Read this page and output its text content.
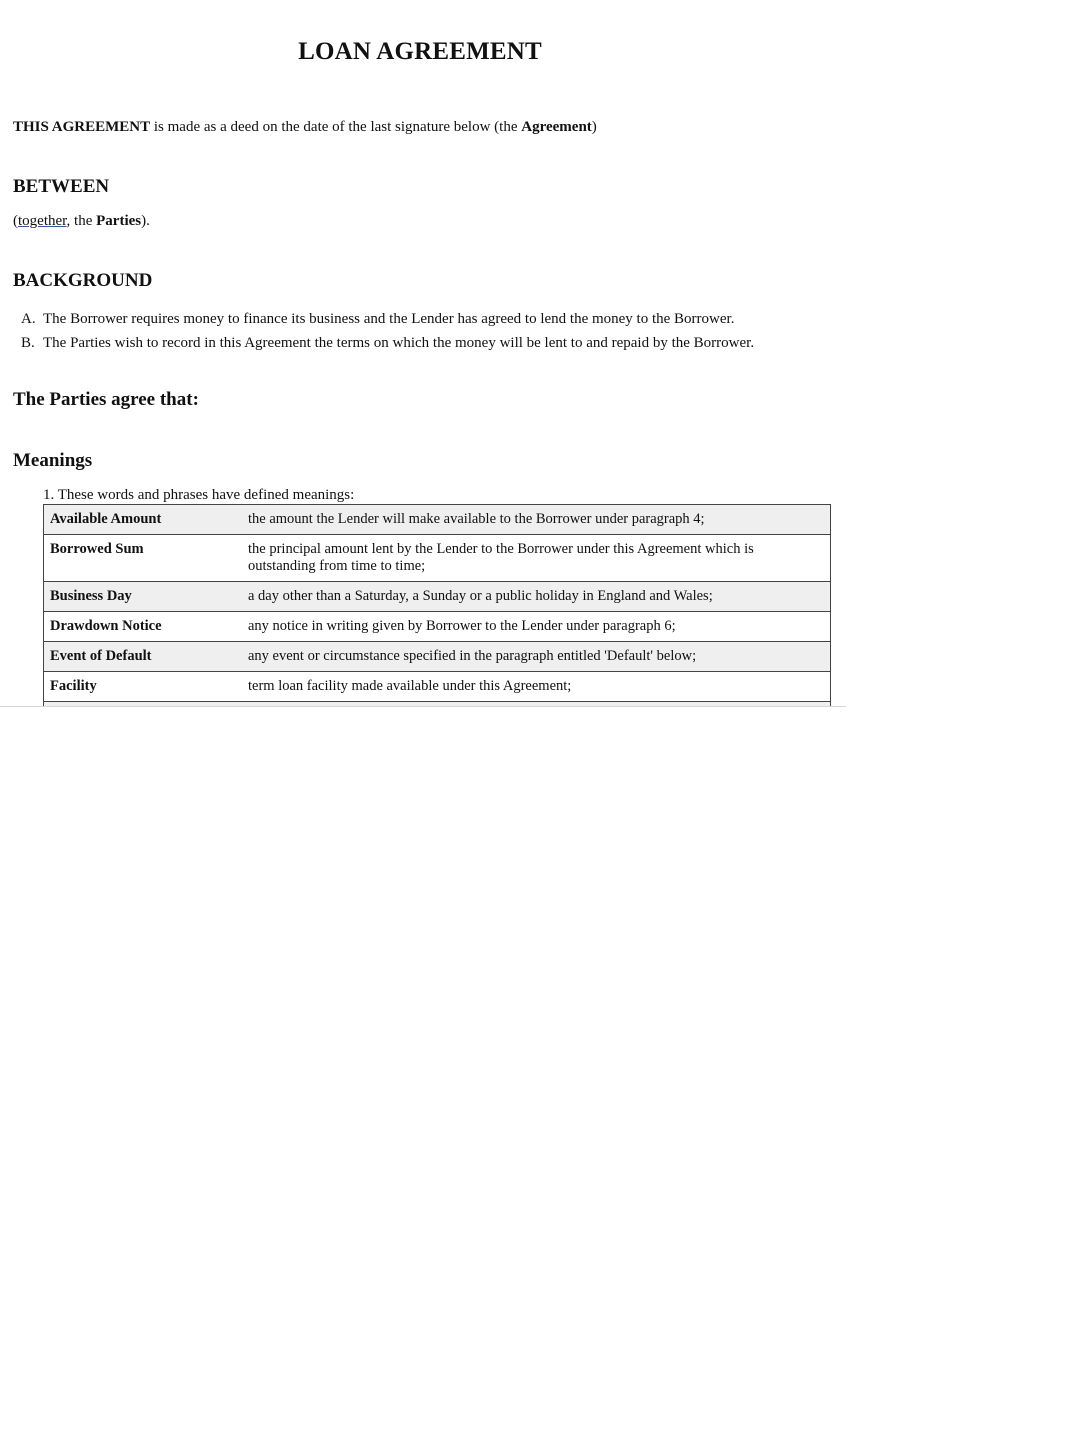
LOAN AGREEMENT
THIS AGREEMENT is made as a deed on the date of the last signature below (the Agreement)
BETWEEN
(together, the Parties).
BACKGROUND
A. The Borrower requires money to finance its business and the Lender has agreed to lend the money to the Borrower.
B. The Parties wish to record in this Agreement the terms on which the money will be lent to and repaid by the Borrower.
The Parties agree that:
Meanings
1. These words and phrases have defined meanings:
Available Amount	the amount the Lender will make available to the Borrower under paragraph 4;
Borrowed Sum	the principal amount lent by the Lender to the Borrower under this Agreement which is outstanding from time to time;
Business Day	a day other than a Saturday, a Sunday or a public holiday in England and Wales;
Drawdown Notice	any notice in writing given by Borrower to the Lender under paragraph 6;
Event of Default	any event or circumstance specified in the paragraph entitled 'Default' below;
Facility	term loan facility made available under this Agreement;
